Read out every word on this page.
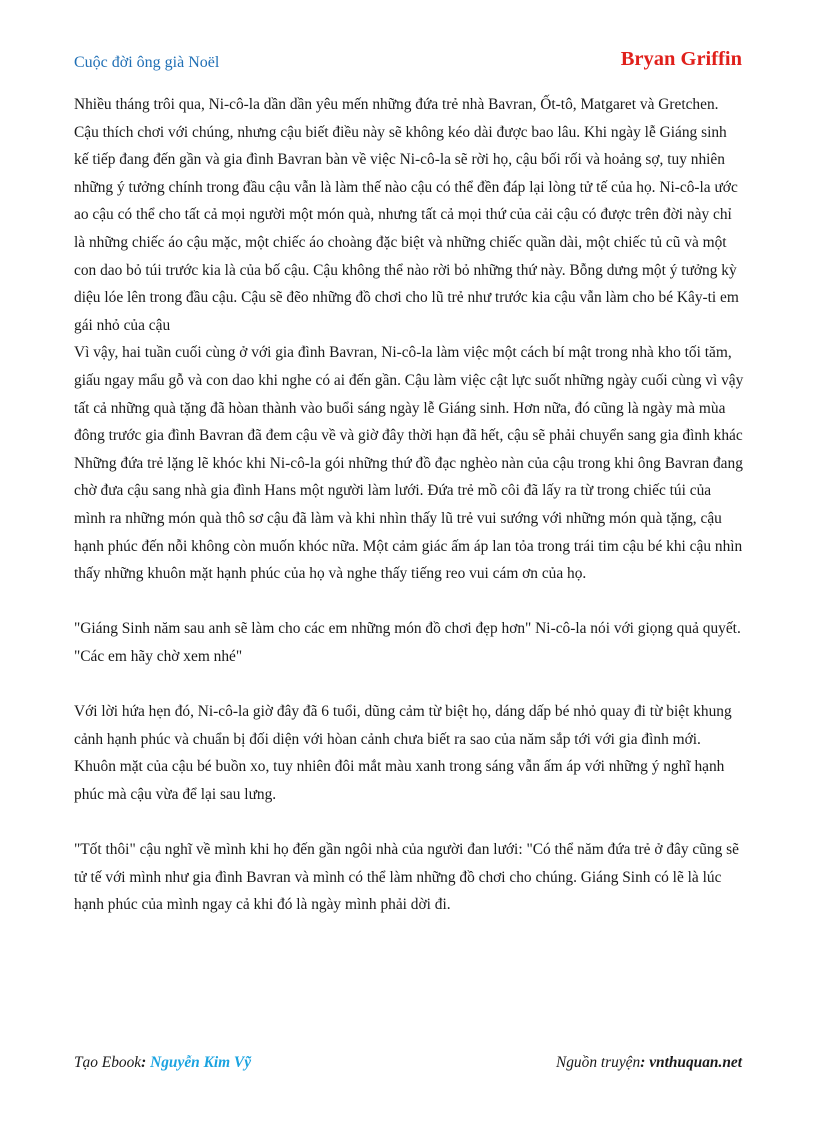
Cuộc đời ông già Noël	Bryan Griffin

Nhiều tháng trôi qua, Ni-cô-la dần dần yêu mến những đứa trẻ nhà Bavran, Ốt-tô, Matgaret và Gretchen. Cậu thích chơi với chúng, nhưng cậu biết điều này sẽ không kéo dài được bao lâu. Khi ngày lễ Giáng sinh kế tiếp đang đến gần và gia đình Bavran bàn về việc Ni-cô-la sẽ rời họ, cậu bối rối và hoảng sợ, tuy nhiên những ý tưởng chính trong đầu cậu vẫn là làm thế nào cậu có thể đền đáp lại lòng tử tế của họ. Ni-cô-la ước ao cậu có thể cho tất cả mọi người một món quà, nhưng tất cả mọi thứ của cải cậu có được trên đời này chỉ là những chiếc áo cậu mặc, một chiếc áo choàng đặc biệt và những chiếc quần dài, một chiếc tủ cũ và một con dao bỏ túi trước kia là của bố cậu. Cậu không thể nào rời bỏ những thứ này. Bỗng dưng một ý tưởng kỳ diệu lóe lên trong đầu cậu. Cậu sẽ đẽo những đồ chơi cho lũ trẻ như trước kia cậu vẫn làm cho bé Kây-ti em gái nhỏ của cậu

Vì vậy, hai tuần cuối cùng ở với gia đình Bavran, Ni-cô-la làm việc một cách bí mật trong nhà kho tối tăm, giấu ngay mẩu gỗ và con dao khi nghe có ai đến gần. Cậu làm việc cật lực suốt những ngày cuối cùng vì vậy tất cả những quà tặng đã hòan thành vào buổi sáng ngày lễ Giáng sinh. Hơn nữa, đó cũng là ngày mà mùa đông trước gia đình Bavran đã đem cậu về và giờ đây thời hạn đã hết, cậu sẽ phải chuyển sang gia đình khác

Những đứa trẻ lặng lẽ khóc khi Ni-cô-la gói những thứ đồ đạc nghèo nàn của cậu trong khi ông Bavran đang chờ đưa cậu sang nhà gia đình Hans một người làm lưới. Đứa trẻ mồ côi đã lấy ra từ trong chiếc túi của mình ra những món quà thô sơ cậu đã làm và khi nhìn thấy lũ trẻ vui sướng với những món quà tặng, cậu hạnh phúc đến nỗi không còn muốn khóc nữa. Một cảm giác ấm áp lan tỏa trong trái tim cậu bé khi cậu nhìn thấy những khuôn mặt hạnh phúc của họ và nghe thấy tiếng reo vui cám ơn của họ.

"Giáng Sinh năm sau anh sẽ làm cho các em những món đồ chơi đẹp hơn" Ni-cô-la nói với giọng quả quyết. "Các em hãy chờ xem nhé"

Với lời hứa hẹn đó, Ni-cô-la giờ đây đã 6 tuổi, dũng cảm từ biệt họ, dáng dấp bé nhỏ quay đi từ biệt khung cảnh hạnh phúc và chuẩn bị đối diện với hòan cảnh chưa biết ra sao của năm sắp tới với gia đình mới. Khuôn mặt của cậu bé buồn xo, tuy nhiên đôi mắt màu xanh trong sáng vẫn ấm áp với những ý nghĩ hạnh phúc mà cậu vừa để lại sau lưng.

"Tốt thôi" cậu nghĩ về mình khi họ đến gần ngôi nhà của người đan lưới: "Có thể năm đứa trẻ ở đây cũng sẽ tử tế với mình như gia đình Bavran và mình có thể làm những đồ chơi cho chúng. Giáng Sinh có lẽ là lúc hạnh phúc của mình ngay cả khi đó là ngày mình phải dời đi.

Tạo Ebook: Nguyễn Kim Vỹ	Nguồn truyện: vnthuquan.net
